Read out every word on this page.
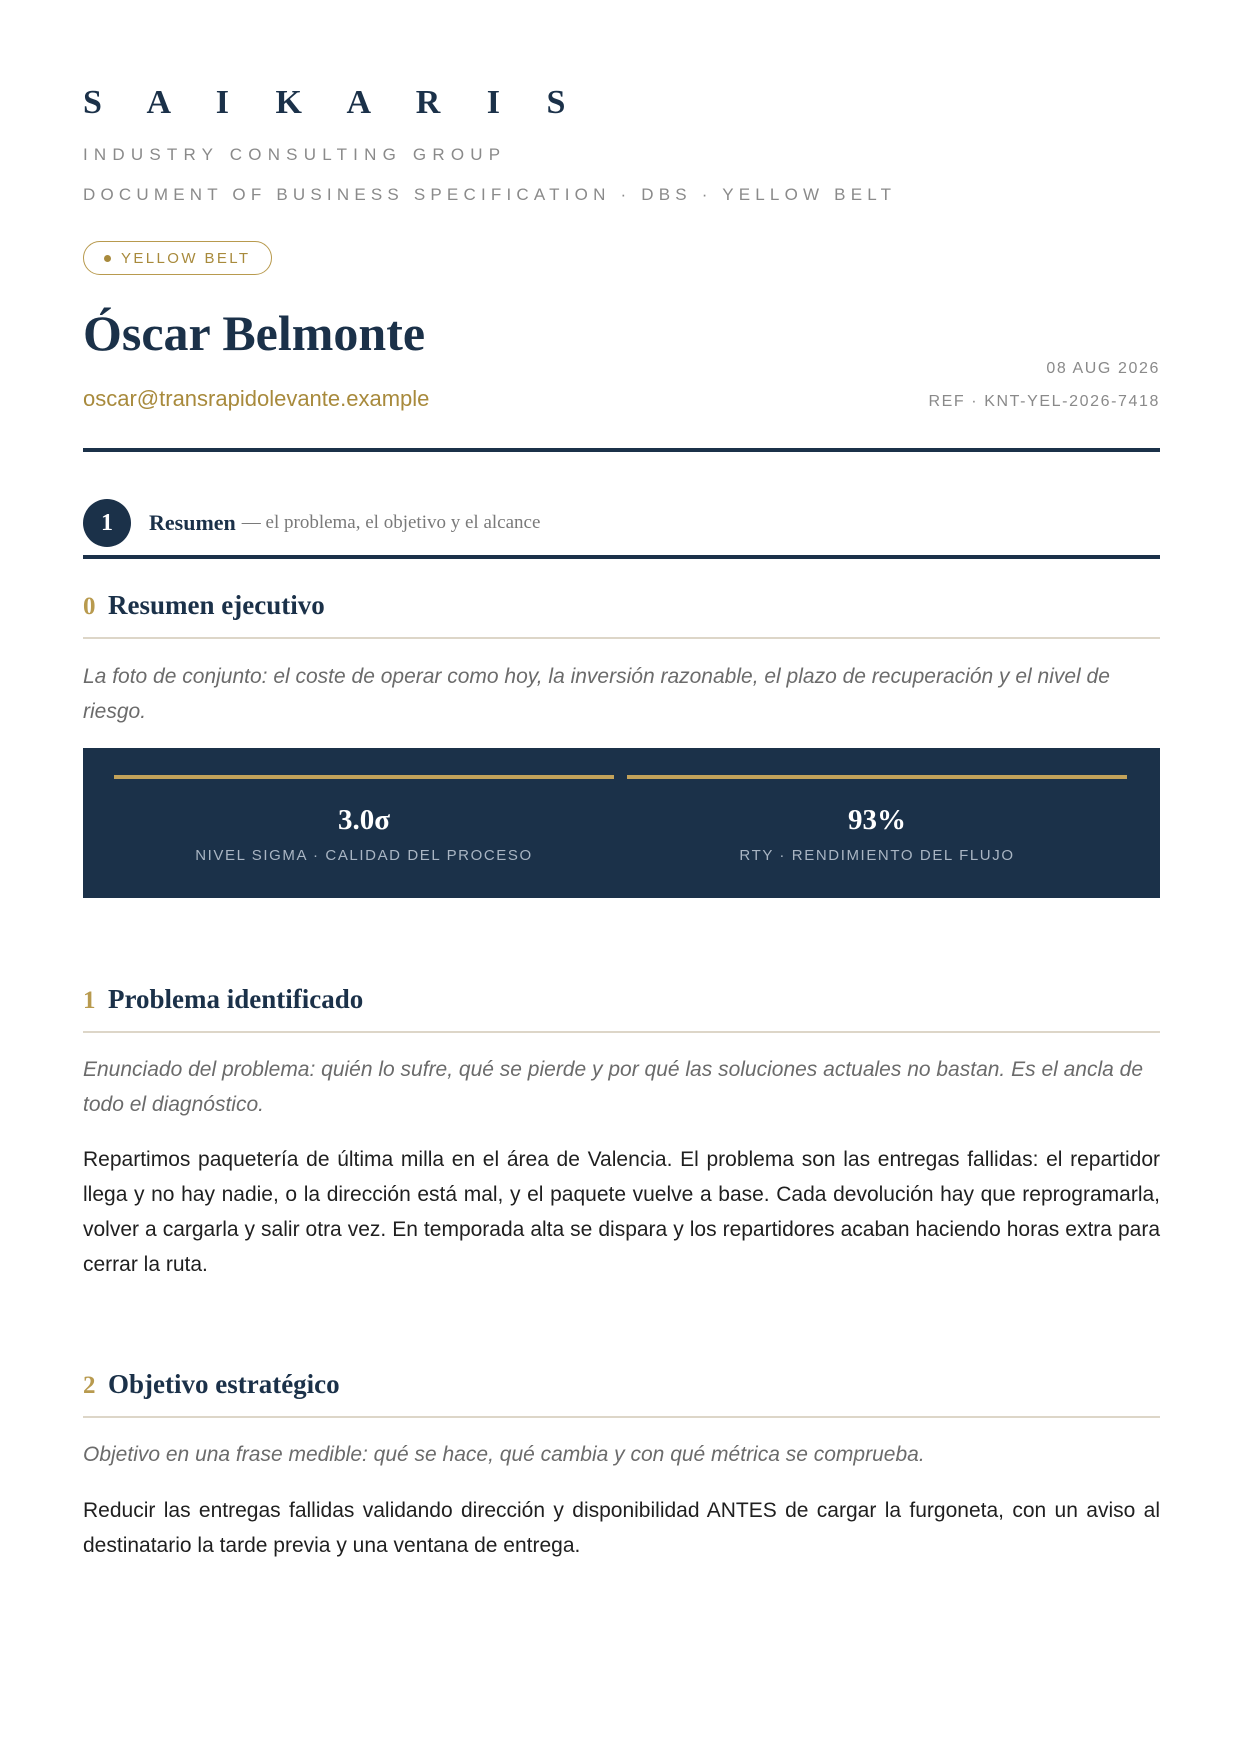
S A I K A R I S
INDUSTRY CONSULTING GROUP
DOCUMENT OF BUSINESS SPECIFICATION · DBS · YELLOW BELT
YELLOW BELT
Óscar Belmonte
oscar@transrapidolevante.example
08 AUG 2026
REF · KNT-YEL-2026-7418
1	Resumen — el problema, el objetivo y el alcance
0 Resumen ejecutivo
La foto de conjunto: el coste de operar como hoy, la inversión razonable, el plazo de recuperación y el nivel de riesgo.
3.0σ
NIVEL SIGMA · CALIDAD DEL PROCESO
93%
RTY · RENDIMIENTO DEL FLUJO
1 Problema identificado
Enunciado del problema: quién lo sufre, qué se pierde y por qué las soluciones actuales no bastan. Es el ancla de todo el diagnóstico.
Repartimos paquetería de última milla en el área de Valencia. El problema son las entregas fallidas: el repartidor llega y no hay nadie, o la dirección está mal, y el paquete vuelve a base. Cada devolución hay que reprogramarla, volver a cargarla y salir otra vez. En temporada alta se dispara y los repartidores acaban haciendo horas extra para cerrar la ruta.
2 Objetivo estratégico
Objetivo en una frase medible: qué se hace, qué cambia y con qué métrica se comprueba.
Reducir las entregas fallidas validando dirección y disponibilidad ANTES de cargar la furgoneta, con un aviso al destinatario la tarde previa y una ventana de entrega.
